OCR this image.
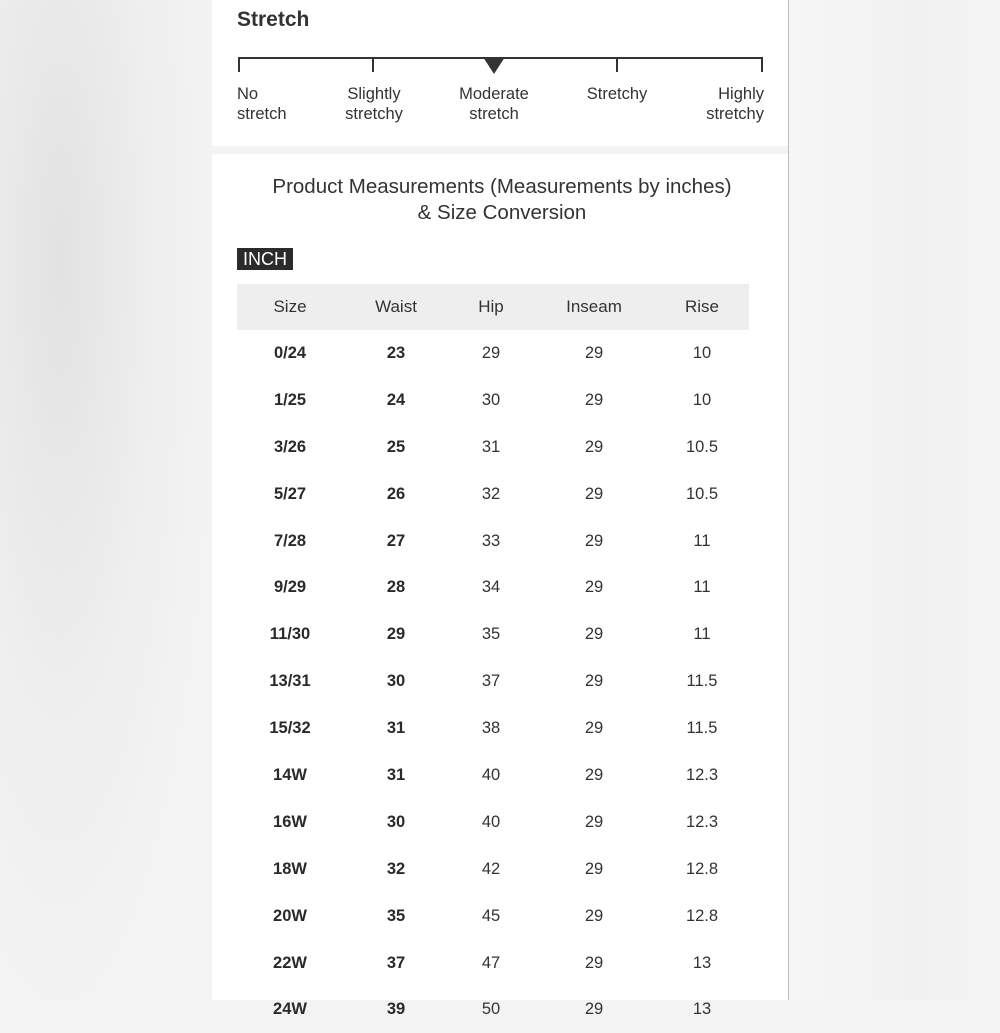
Stretch
No
stretch
Slightly
stretchy
Moderate
stretch
Stretchy	Highly
stretchy
Product Measurements (Measurements by inches) & Size Conversion
INCH
Size	Waist	Hip	Inseam	Rise
0/24	23	29	29	10
1/25	24	30	29	10
3/26	25	31	29	10.5
5/27	26	32	29	10.5
7/28	27	33	29	11
9/29	28	34	29	11
11/30	29	35	29	11
13/31	30	37	29	11.5
15/32	31	38	29	11.5
14W	31	40	29	12.3
16W	30	40	29	12.3
18W	32	42	29	12.8
20W	35	45	29	12.8
22W	37	47	29	13
24W	39	50	29	13
